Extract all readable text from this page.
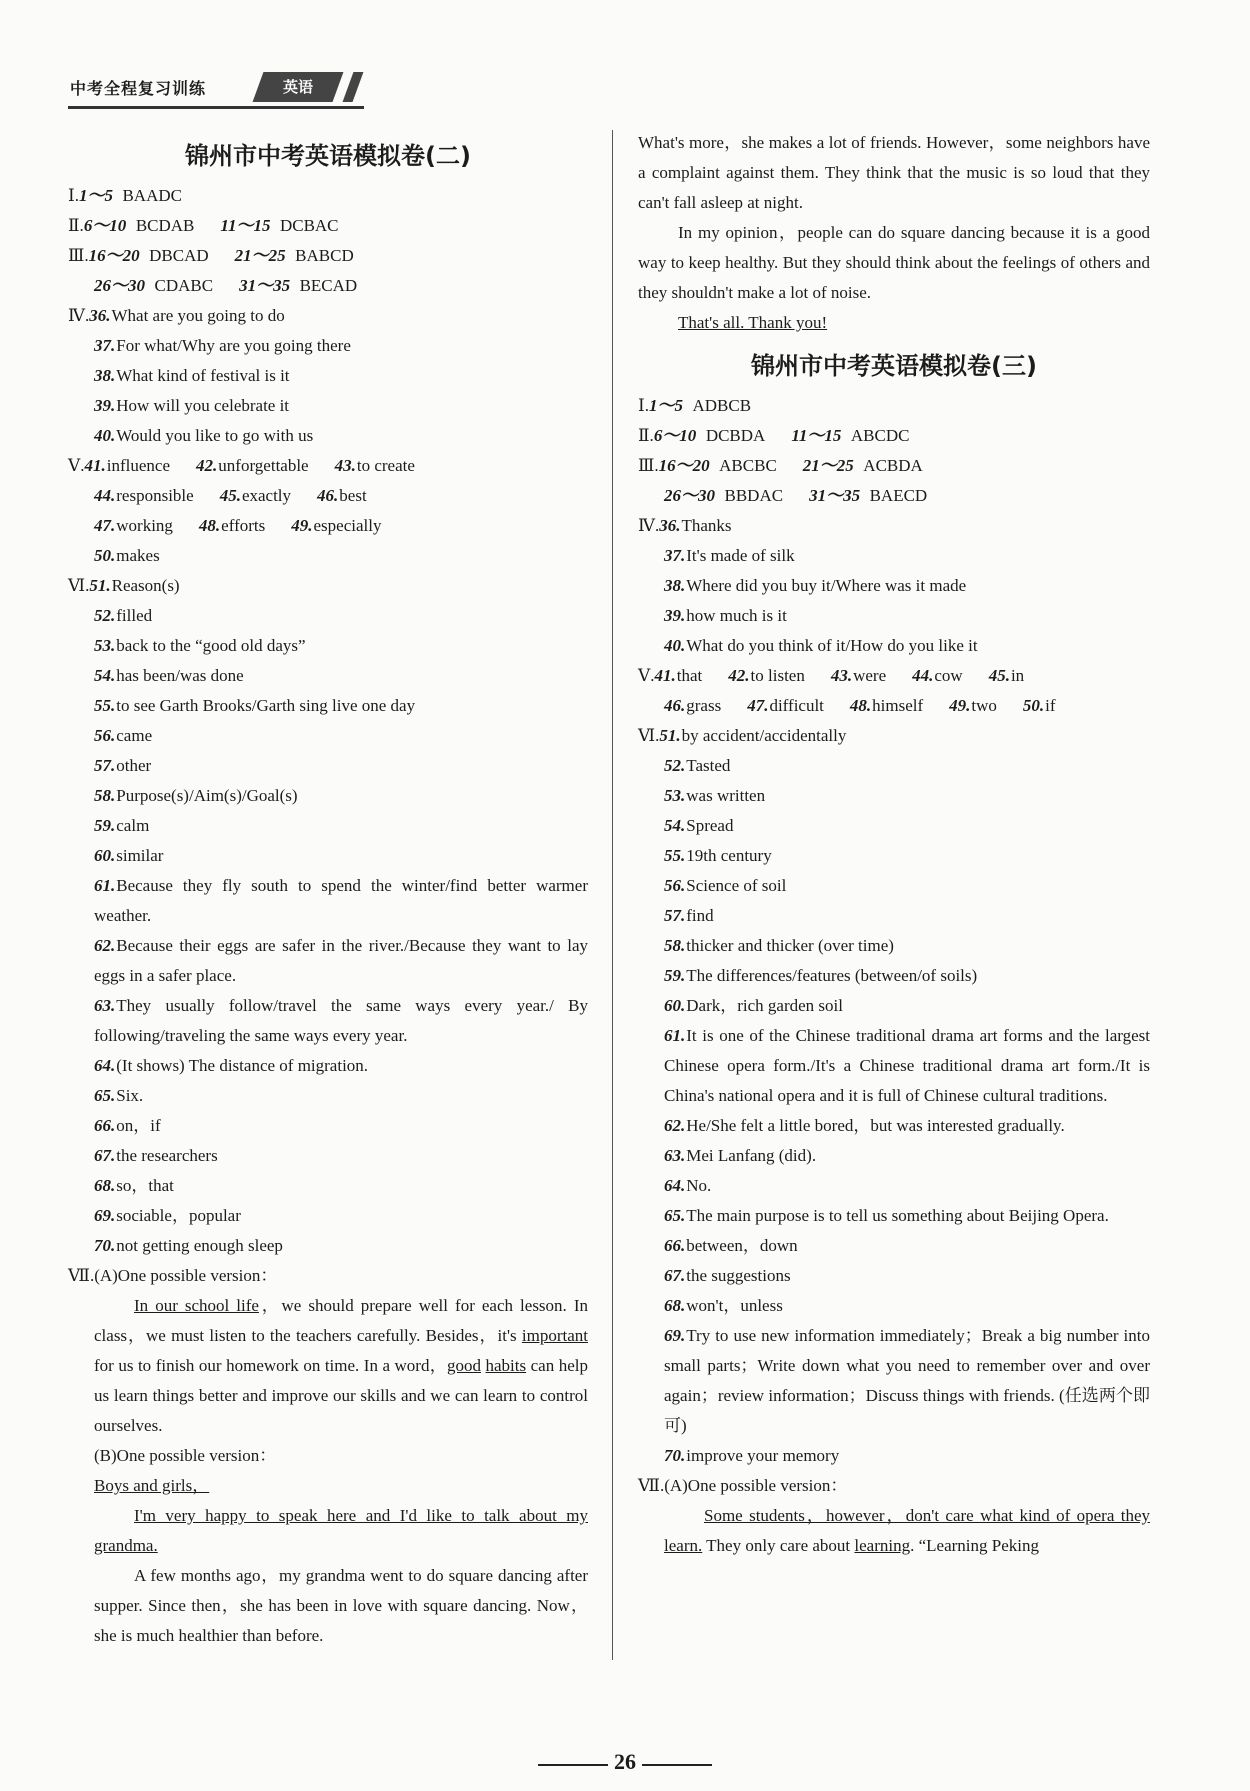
中考全程复习训练	英语
锦州市中考英语模拟卷(二)
Ⅰ.1～5 BAADC
Ⅱ.6～10 BCDAB 11～15 DCBAC
Ⅲ.16～20 DBCAD 21～25 BABCD
26～30 CDABC 31～35 BECAD
Ⅳ.36.What are you going to do
37.For what/Why are you going there
38.What kind of festival is it
39.How will you celebrate it
40.Would you like to go with us
Ⅴ.41.influence 42.unforgettable 43.to create
44.responsible 45.exactly 46.best
47.working 48.efforts 49.especially
50.makes
Ⅵ.51.Reason(s)
52.filled
53.back to the “good old days”
54.has been/was done
55.to see Garth Brooks/Garth sing live one day
56.came
57.other
58.Purpose(s)/Aim(s)/Goal(s)
59.calm
60.similar
61.Because they fly south to spend the winter/find better warmer weather.
62.Because their eggs are safer in the river./Because they want to lay eggs in a safer place.
63.They usually follow/travel the same ways every year./ By following/traveling the same ways every year.
64.(It shows) The distance of migration.
65.Six.
66.on，if
67.the researchers
68.so，that
69.sociable，popular
70.not getting enough sleep
Ⅶ.(A)One possible version：
In our school life，we should prepare well for each lesson. In class，we must listen to the teachers carefully. Besides，it's important for us to finish our homework on time. In a word，good habits can help us learn things better and improve our skills and we can learn to control ourselves.
(B)One possible version：
Boys and girls，
I'm very happy to speak here and I'd like to talk about my grandma.
A few months ago，my grandma went to do square dancing after supper. Since then，she has been in love with square dancing. Now，she is much healthier than before.
What's more，she makes a lot of friends. However，some neighbors have a complaint against them. They think that the music is so loud that they can't fall asleep at night.
In my opinion，people can do square dancing because it is a good way to keep healthy. But they should think about the feelings of others and they shouldn't make a lot of noise.
That's all. Thank you!
锦州市中考英语模拟卷(三)
Ⅰ.1～5 ADBCB
Ⅱ.6～10 DCBDA 11～15 ABCDC
Ⅲ.16～20 ABCBC 21～25 ACBDA
26～30 BBDAC 31～35 BAECD
Ⅳ.36.Thanks
37.It's made of silk
38.Where did you buy it/Where was it made
39.how much is it
40.What do you think of it/How do you like it
Ⅴ.41.that 42.to listen 43.were 44.cow 45.in
46.grass 47.difficult 48.himself 49.two 50.if
Ⅵ.51.by accident/accidentally
52.Tasted
53.was written
54.Spread
55.19th century
56.Science of soil
57.find
58.thicker and thicker (over time)
59.The differences/features (between/of soils)
60.Dark，rich garden soil
61.It is one of the Chinese traditional drama art forms and the largest Chinese opera form./It's a Chinese traditional drama art form./It is China's national opera and it is full of Chinese cultural traditions.
62.He/She felt a little bored，but was interested gradually.
63.Mei Lanfang (did).
64.No.
65.The main purpose is to tell us something about Beijing Opera.
66.between，down
67.the suggestions
68.won't，unless
69.Try to use new information immediately；Break a big number into small parts；Write down what you need to remember over and over again；review information；Discuss things with friends. (任选两个即可)
70.improve your memory
Ⅶ.(A)One possible version：
Some students，however，don't care what kind of opera they learn. They only care about learning. “Learning Peking
26
